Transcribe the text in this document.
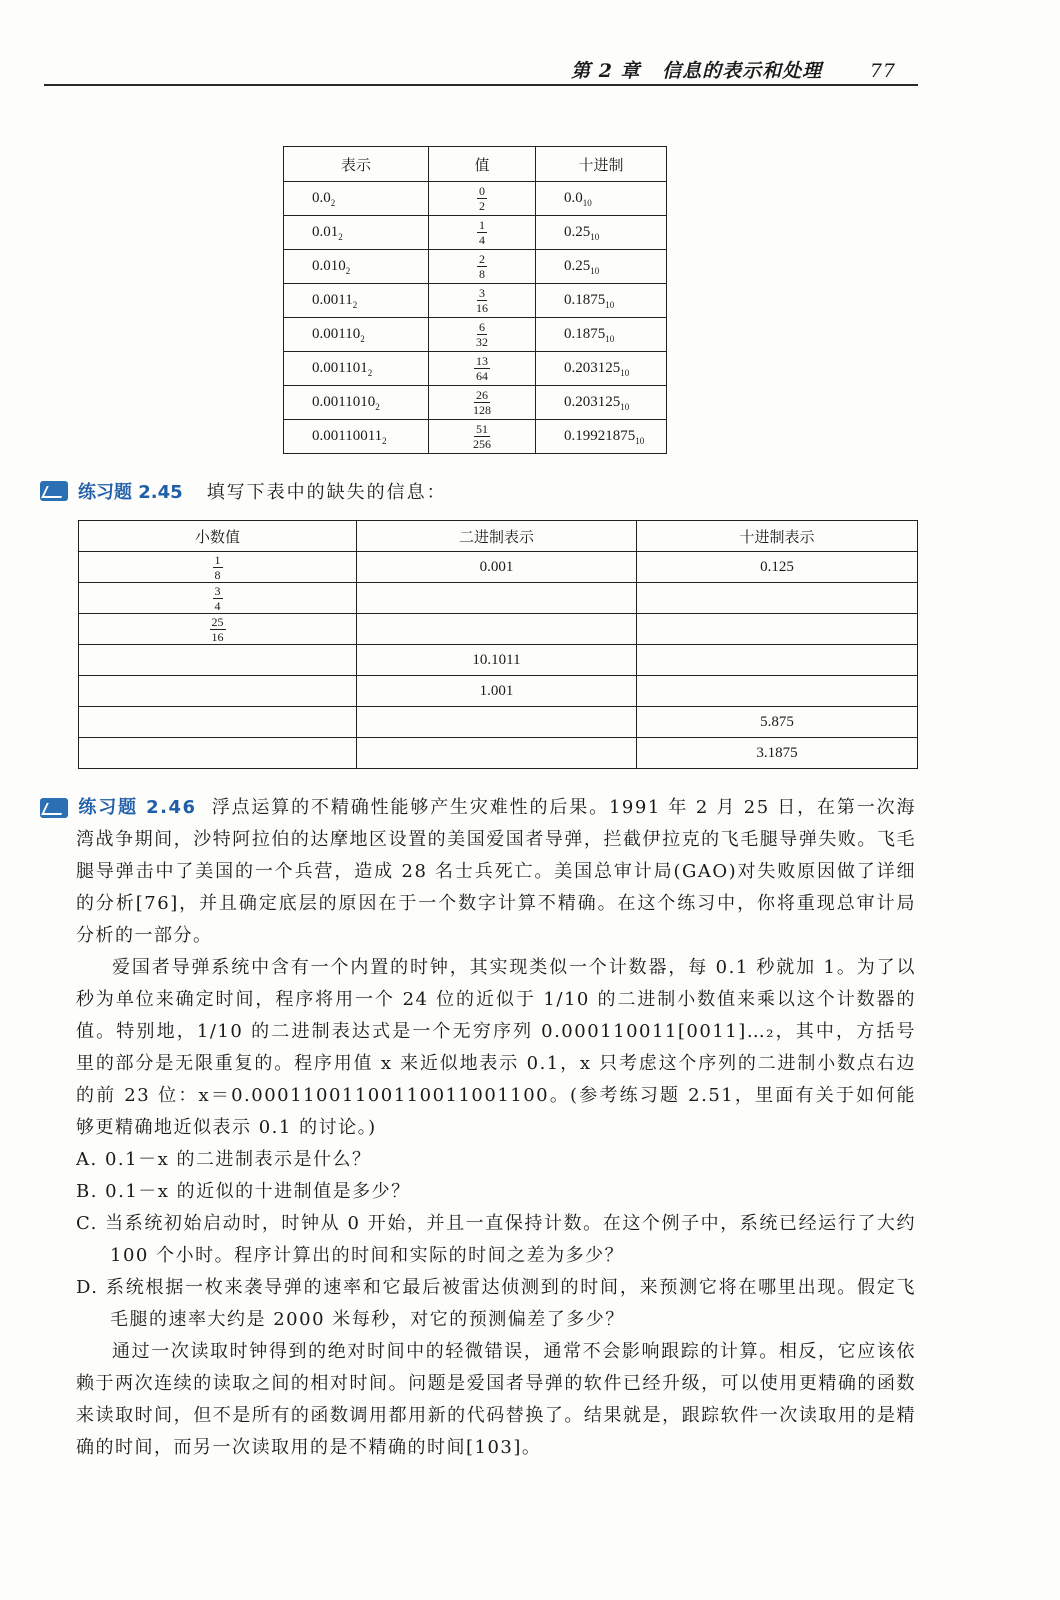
第 2 章 信息的表示和处理	77
表示	值	十进制
$0.0_2$	$\frac{0}{2}$	$0.0_{10}$
$0.01_2$	$\frac{1}{4}$	$0.25_{10}$
$0.010_2$	$\frac{2}{8}$	$0.25_{10}$
$0.0011_2$	$\frac{3}{16}$	$0.1875_{10}$
$0.00110_2$	$\frac{6}{32}$	$0.1875_{10}$
$0.001101_2$	$\frac{13}{64}$	$0.203125_{10}$
$0.0011010_2$	$\frac{26}{128}$	$0.203125_{10}$
$0.00110011_2$	$\frac{51}{256}$	$0.19921875_{10}$
练习题 2.45 填写下表中的缺失的信息：
小数值	二进制表示	十进制表示

$\frac{1}{8}$	0.001	0.125

$\frac{3}{4}$

$\frac{25}{16}$

	10.1011	
	1.001	
		5.875
		3.1875

练习题 2.46 浮点运算的不精确性能够产生灾难性的后果。1991 年 2 月 25 日，在第一次海湾战争期间，沙特阿拉伯的达摩地区设置的美国爱国者导弹，拦截伊拉克的飞毛腿导弹失败。飞毛腿导弹击中了美国的一个兵营，造成 28 名士兵死亡。美国总审计局(GAO)对失败原因做了详细的分析[76]，并且确定底层的原因在于一个数字计算不精确。在这个练习中，你将重现总审计局分析的一部分。

爱国者导弹系统中含有一个内置的时钟，其实现类似一个计数器，每 0.1 秒就加 1。为了以秒为单位来确定时间，程序将用一个 24 位的近似于 1/10 的二进制小数值来乘以这个计数器的值。特别地，1/10 的二进制表达式是一个无穷序列 0.000110011[0011]…₂，其中，方括号里的部分是无限重复的。程序用值 x 来近似地表示 0.1，x 只考虑这个序列的二进制小数点右边的前 23 位：x＝0.00011001100110011001100。(参考练习题 2.51，里面有关于如何能够更精确地近似表示 0.1 的讨论。)

A. 0.1－x 的二进制表示是什么？

B. 0.1－x 的近似的十进制值是多少？

C. 当系统初始启动时，时钟从 0 开始，并且一直保持计数。在这个例子中，系统已经运行了大约 100 个小时。程序计算出的时间和实际的时间之差为多少？

D. 系统根据一枚来袭导弹的速率和它最后被雷达侦测到的时间，来预测它将在哪里出现。假定飞毛腿的速率大约是 2000 米每秒，对它的预测偏差了多少？

通过一次读取时钟得到的绝对时间中的轻微错误，通常不会影响跟踪的计算。相反，它应该依赖于两次连续的读取之间的相对时间。问题是爱国者导弹的软件已经升级，可以使用更精确的函数来读取时间，但不是所有的函数调用都用新的代码替换了。结果就是，跟踪软件一次读取用的是精确的时间，而另一次读取用的是不精确的时间[103]。
